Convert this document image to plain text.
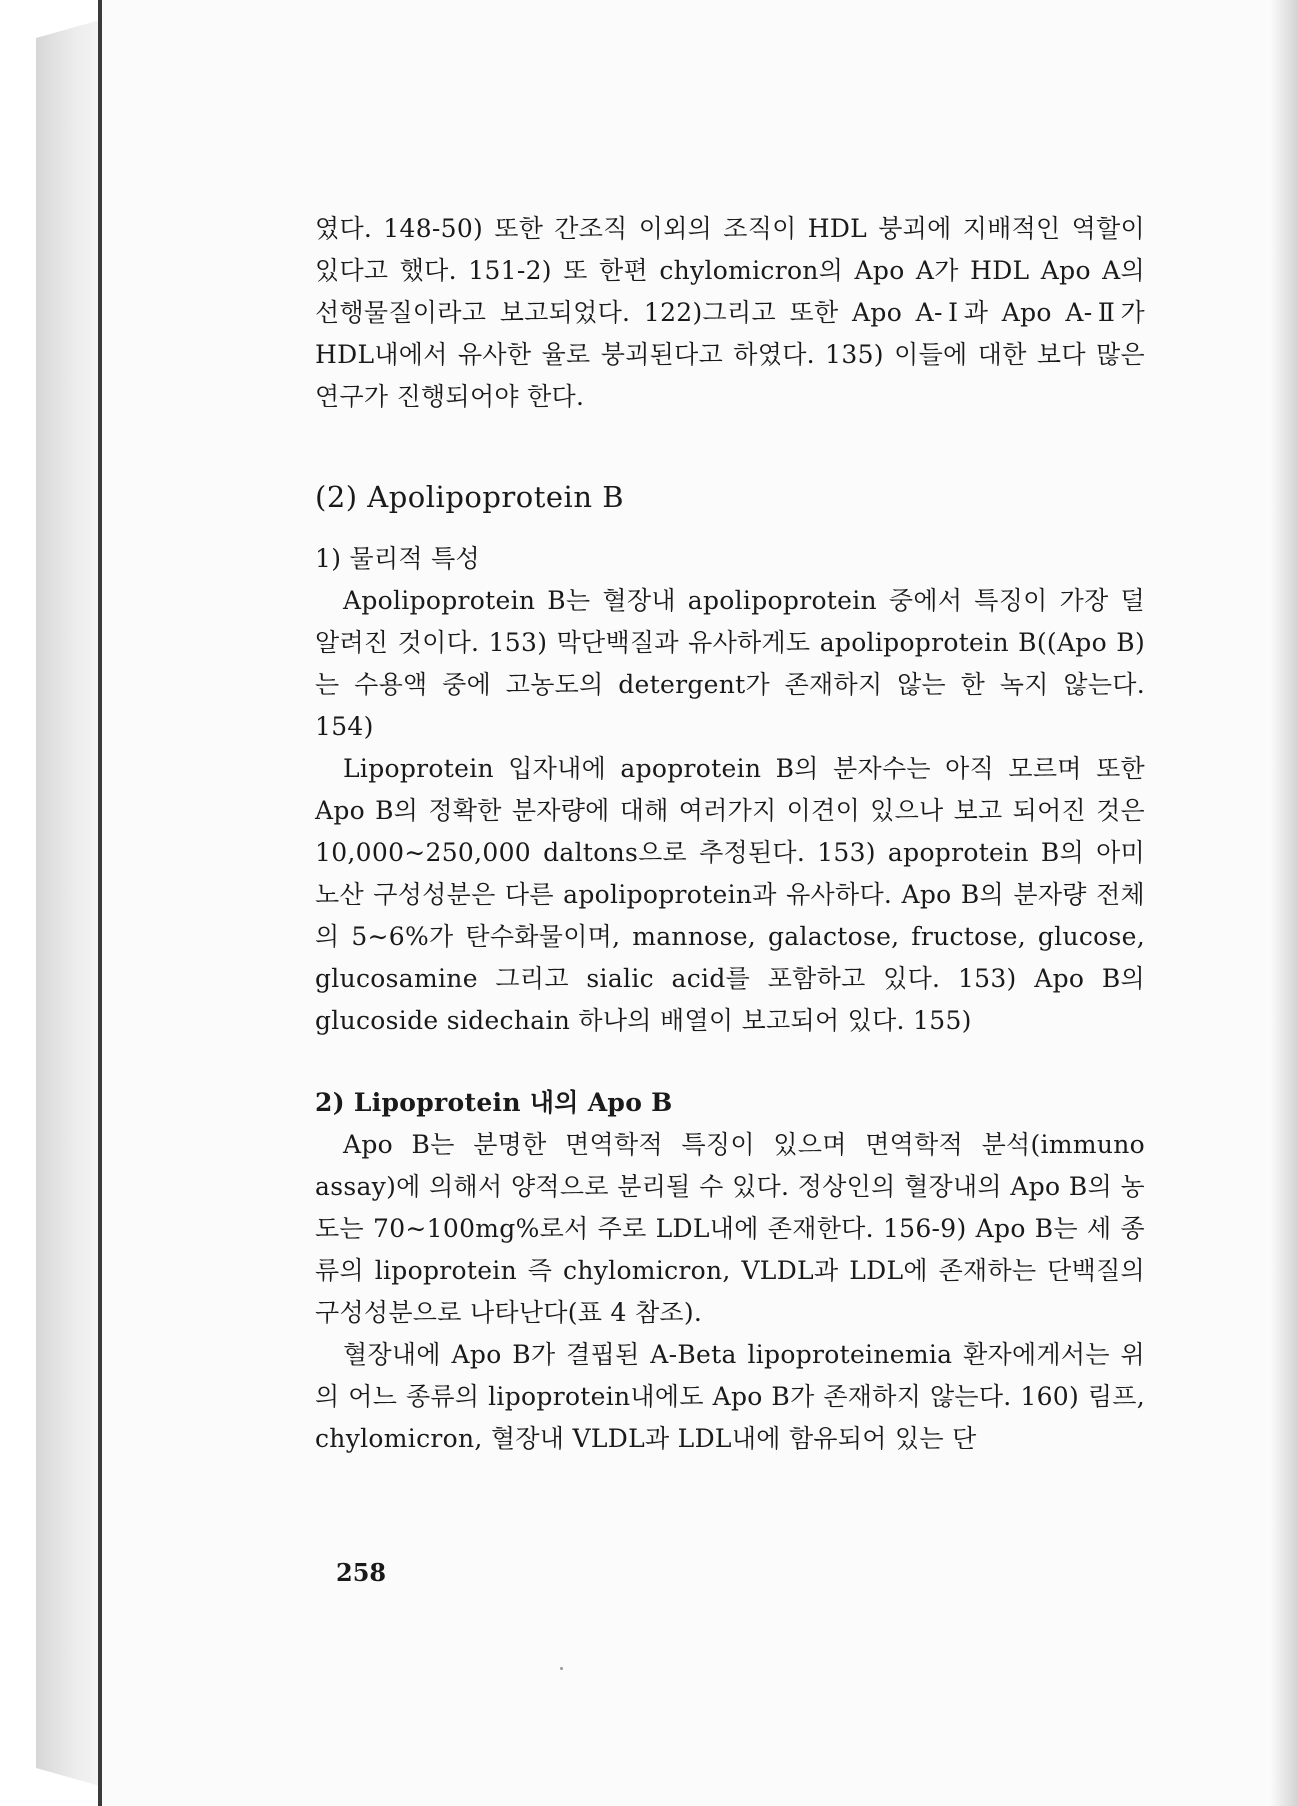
였다. 148-50) 또한 간조직 이외의 조직이 HDL 붕괴에 지배적인 역할이 있다고 했다. 151-2) 또 한편 chylomicron의 Apo A가 HDL Apo A의 선행물질이라고 보고되었다. 122)그리고 또한 Apo A-Ⅰ과 Apo A-Ⅱ가 HDL내에서 유사한 율로 붕괴된다고 하였다. 135) 이들에 대한 보다 많은 연구가 진행되어야 한다.

(2) Apolipoprotein B

1) 물리적 특성

Apolipoprotein B는 혈장내 apolipoprotein 중에서 특징이 가장 덜 알려진 것이다. 153) 막단백질과 유사하게도 apolipoprotein B((Apo B)는 수용액 중에 고농도의 detergent가 존재하지 않는 한 녹지 않는다. 154)

Lipoprotein 입자내에 apoprotein B의 분자수는 아직 모르며 또한 Apo B의 정확한 분자량에 대해 여러가지 이견이 있으나 보고 되어진 것은 10,000∼250,000 daltons으로 추정된다. 153) apoprotein B의 아미노산 구성성분은 다른 apolipoprotein과 유사하다. Apo B의 분자량 전체의 5∼6%가 탄수화물이며, mannose, galactose, fructose, glucose, glucosamine 그리고 sialic acid를 포함하고 있다. 153) Apo B의 glucoside sidechain 하나의 배열이 보고되어 있다. 155)

2) Lipoprotein 내의 Apo B

Apo B는 분명한 면역학적 특징이 있으며 면역학적 분석(immuno assay)에 의해서 양적으로 분리될 수 있다. 정상인의 혈장내의 Apo B의 농도는 70∼100mg%로서 주로 LDL내에 존재한다. 156-9) Apo B는 세 종류의 lipoprotein 즉 chylomicron, VLDL과 LDL에 존재하는 단백질의 구성성분으로 나타난다(표 4 참조).

혈장내에 Apo B가 결핍된 A-Beta lipoproteinemia 환자에게서는 위의 어느 종류의 lipoprotein내에도 Apo B가 존재하지 않는다. 160) 림프, chylomicron, 혈장내 VLDL과 LDL내에 함유되어 있는 단

258
